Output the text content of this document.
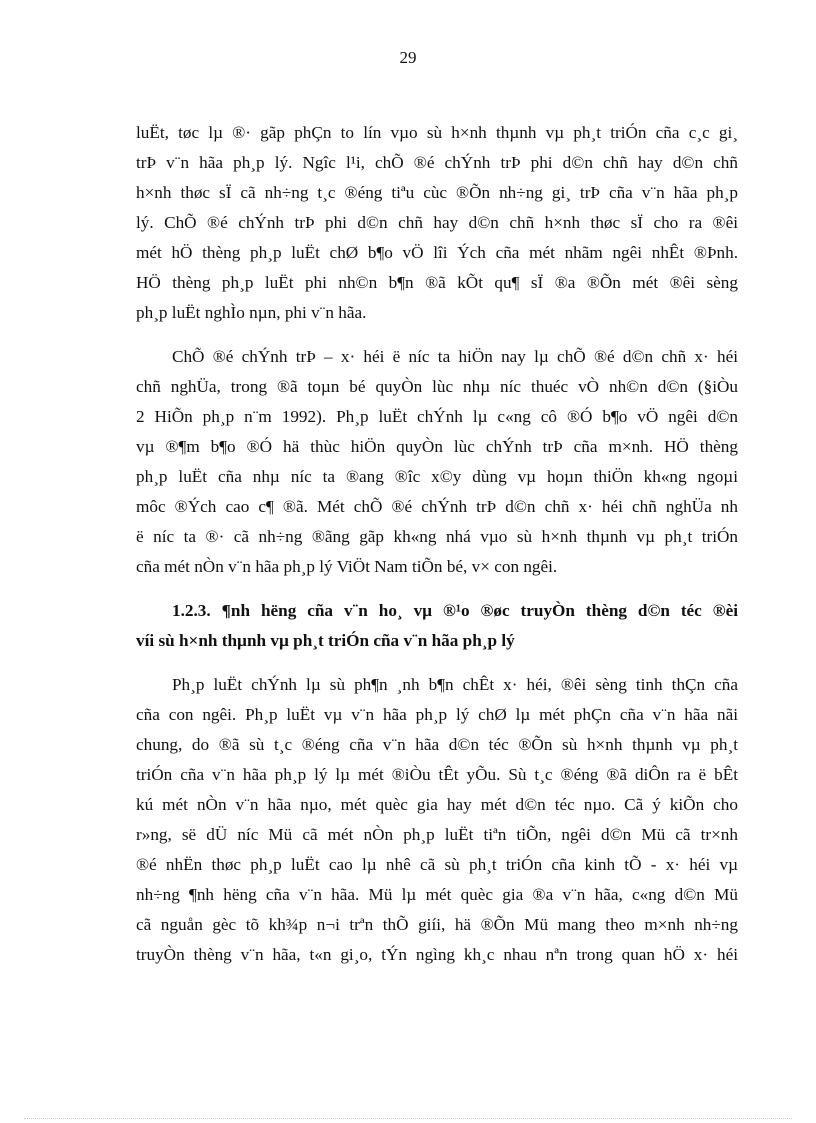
29
luËt, tøc lµ ®· gãp phÇn to lín vµo sù h×nh thµnh vµ ph¸t triÓn cña c¸c gi¸
trÞ v¨n hãa ph¸p lý. Ngîc l¹i, chÕ ®é chÝnh trÞ phi d©n chñ hay d©n chñ
h×nh thøc sÏ cã nh÷ng t¸c ®éng tiªu cùc ®Õn nh÷ng gi¸ trÞ cña v¨n hãa ph¸p
lý. ChÕ ®é chÝnh trÞ phi d©n chñ hay d©n chñ h×nh thøc sÏ cho ra ®êi
mét hÖ thèng ph¸p luËt chØ b¶o vÖ lîi Ých cña mét nhãm ngêi nhÊt ®Þnh.
HÖ thèng ph¸p luËt phi nh©n b¶n ®ã kÕt qu¶ sÏ ®a ®Õn mét ®êi sèng
ph¸p luËt nghÌo nµn, phi v¨n hãa.
ChÕ ®é chÝnh trÞ – x· héi ë níc ta hiÖn nay lµ chÕ ®é d©n chñ x· héi
chñ nghÜa, trong ®ã toµn bé quyÒn lùc nhµ níc thuéc vÒ nh©n d©n (§iÒu
2 HiÕn ph¸p n¨m 1992). Ph¸p luËt chÝnh lµ c«ng cô ®Ó b¶o vÖ ngêi d©n
vµ ®¶m b¶o ®Ó hä thùc hiÖn quyÒn lùc chÝnh trÞ cña m×nh. HÖ thèng
ph¸p luËt cña nhµ níc ta ®ang ®îc x©y dùng vµ hoµn thiÖn kh«ng ngoµi
môc ®Ých cao c¶ ®ã. Mét chÕ ®é chÝnh trÞ d©n chñ x· héi chñ nghÜa nh
ë níc ta ®· cã nh÷ng ®ãng gãp kh«ng nhá vµo sù h×nh thµnh vµ ph¸t triÓn
cña mét nÒn v¨n hãa ph¸p lý ViÖt Nam tiÕn bé, v× con ngêi.
1.2.3. ¶nh hëng cña v¨n ho¸ vµ ®¹o ®øc truyÒn thèng d©n téc ®èi
víi sù h×nh thµnh vµ ph¸t triÓn cña v¨n hãa ph¸p lý
Ph¸p luËt chÝnh lµ sù ph¶n ¸nh b¶n chÊt x· héi, ®êi sèng tinh thÇn cña
cña con ngêi. Ph¸p luËt vµ v¨n hãa ph¸p lý chØ lµ mét phÇn cña v¨n hãa nãi
chung, do ®ã sù t¸c ®éng cña v¨n hãa d©n téc ®Õn sù h×nh thµnh vµ ph¸t
triÓn cña v¨n hãa ph¸p lý lµ mét ®iÒu tÊt yÕu. Sù t¸c ®éng ®ã diÔn ra ë bÊt
kú mét nÒn v¨n hãa nµo, mét quèc gia hay mét d©n téc nµo. Cã ý kiÕn cho
r»ng, së dÜ níc Mü cã mét nÒn ph¸p luËt tiªn tiÕn, ngêi d©n Mü cã tr×nh
®é nhËn thøc ph¸p luËt cao lµ nhê cã sù ph¸t triÓn cña kinh tÕ - x· héi vµ
nh÷ng ¶nh hëng cña v¨n hãa. Mü lµ mét quèc gia ®a v¨n hãa, c«ng d©n Mü
cã nguån gèc tõ kh¾p n¬i trªn thÕ giíi, hä ®Õn Mü mang theo m×nh nh÷ng
truyÒn thèng v¨n hãa, t«n gi¸o, tÝn ngìng kh¸c nhau nªn trong quan hÖ x· héi
